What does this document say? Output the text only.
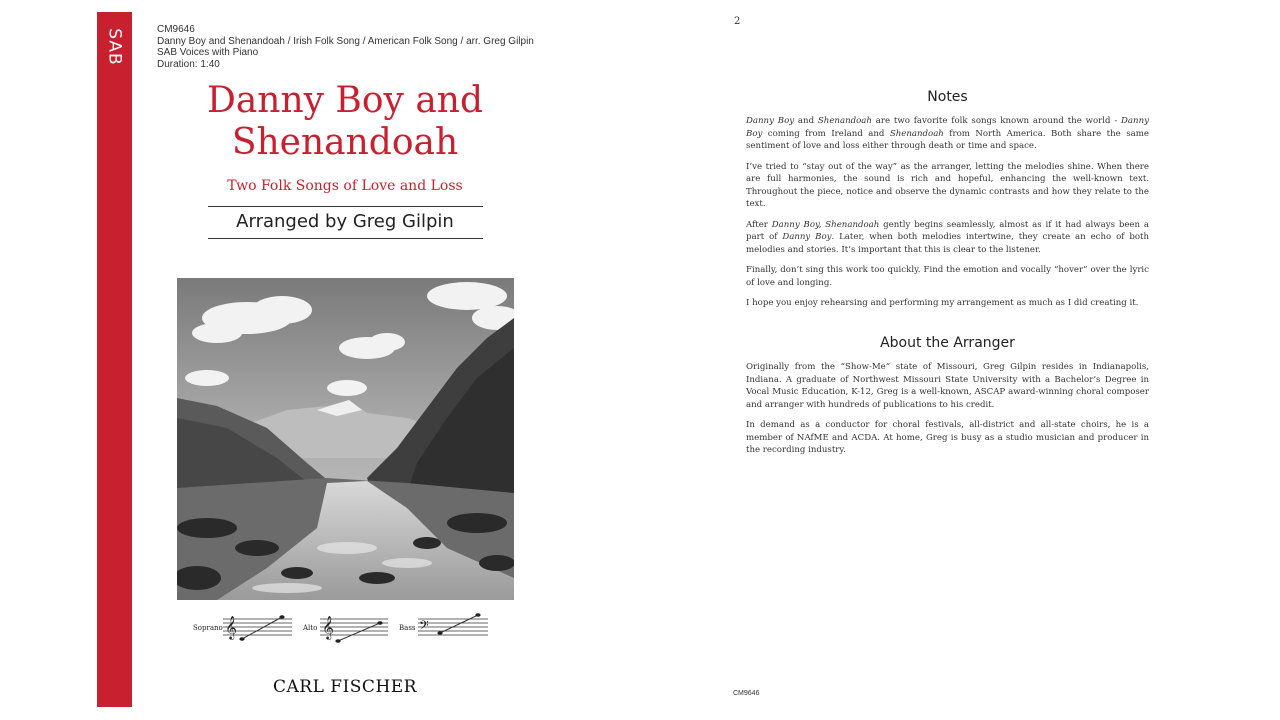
SAB	CM9646
Danny Boy and Shenandoah / Irish Folk Song / American Folk Song / arr. Greg Gilpin
SAB Voices with Piano
Duration: 1:40
Danny Boy and
Shenandoah
Two Folk Songs of Love and Loss
Arranged by Greg Gilpin
𝄞	𝄞	𝄢
Soprano	Alto	Bass
CARL FISCHER
2
Notes

Danny Boy and Shenandoah are two favorite folk songs known around the world - Danny Boy coming from Ireland and Shenandoah from North America. Both share the same sentiment of love and loss either through death or time and space.

I’ve tried to “stay out of the way” as the arranger, letting the melodies shine. When there are full harmonies, the sound is rich and hopeful, enhancing the well-known text. Throughout the piece, notice and observe the dynamic contrasts and how they relate to the text.

After Danny Boy, Shenandoah gently begins seamlessly, almost as if it had always been a part of Danny Boy. Later, when both melodies intertwine, they create an echo of both melodies and stories. It’s important that this is clear to the listener.

Finally, don’t sing this work too quickly. Find the emotion and vocally “hover” over the lyric of love and longing.

I hope you enjoy rehearsing and performing my arrangement as much as I did creating it.

About the Arranger

Originally from the “Show-Me” state of Missouri, Greg Gilpin resides in Indianapolis, Indiana. A graduate of Northwest Missouri State University with a Bachelor’s Degree in Vocal Music Education, K-12, Greg is a well-known, ASCAP award-winning choral composer and arranger with hundreds of publications to his credit.

In demand as a conductor for choral festivals, all-district and all-state choirs, he is a member of NAfME and ACDA. At home, Greg is busy as a studio musician and producer in the recording industry.

CM9646
